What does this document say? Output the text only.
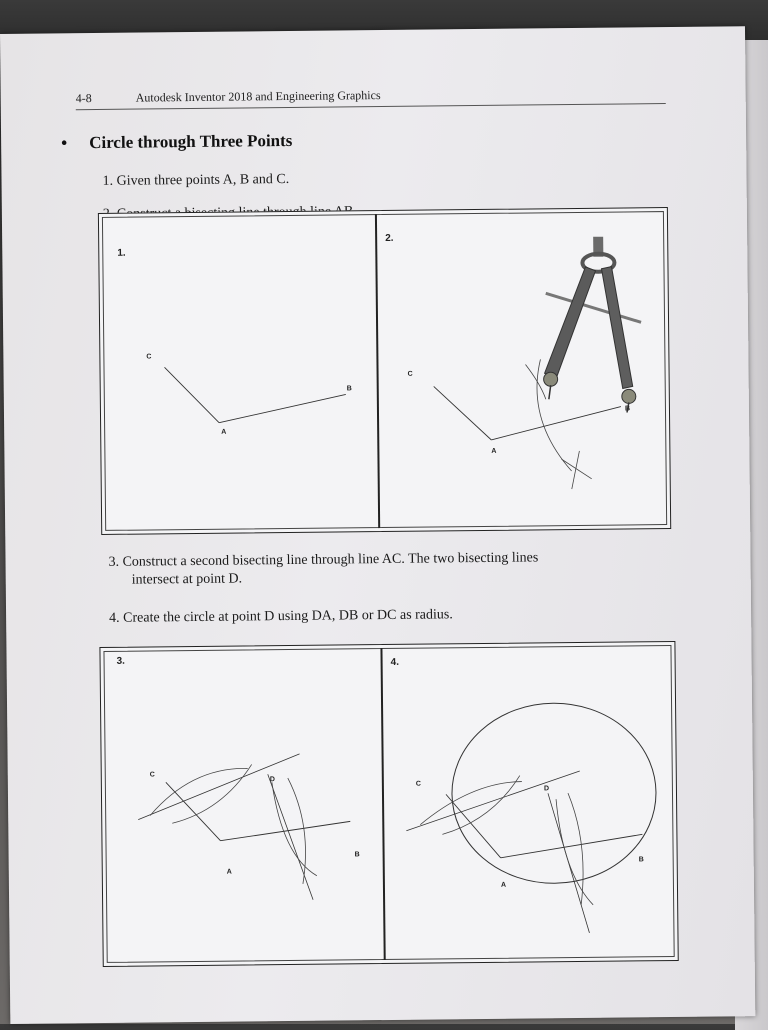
4-8	Autodesk Inventor 2018 and Engineering Graphics
• Circle through Three Points
1. Given three points A, B and C.
1.
2.
C
B
A
C
B
A
3. Construct a second bisecting line through line AC. The two bisecting lines
intersect at point D.
4. Create the circle at point D using DA, DB or DC as radius.
3.	4.
C
D
B
A
C
D
B
A
